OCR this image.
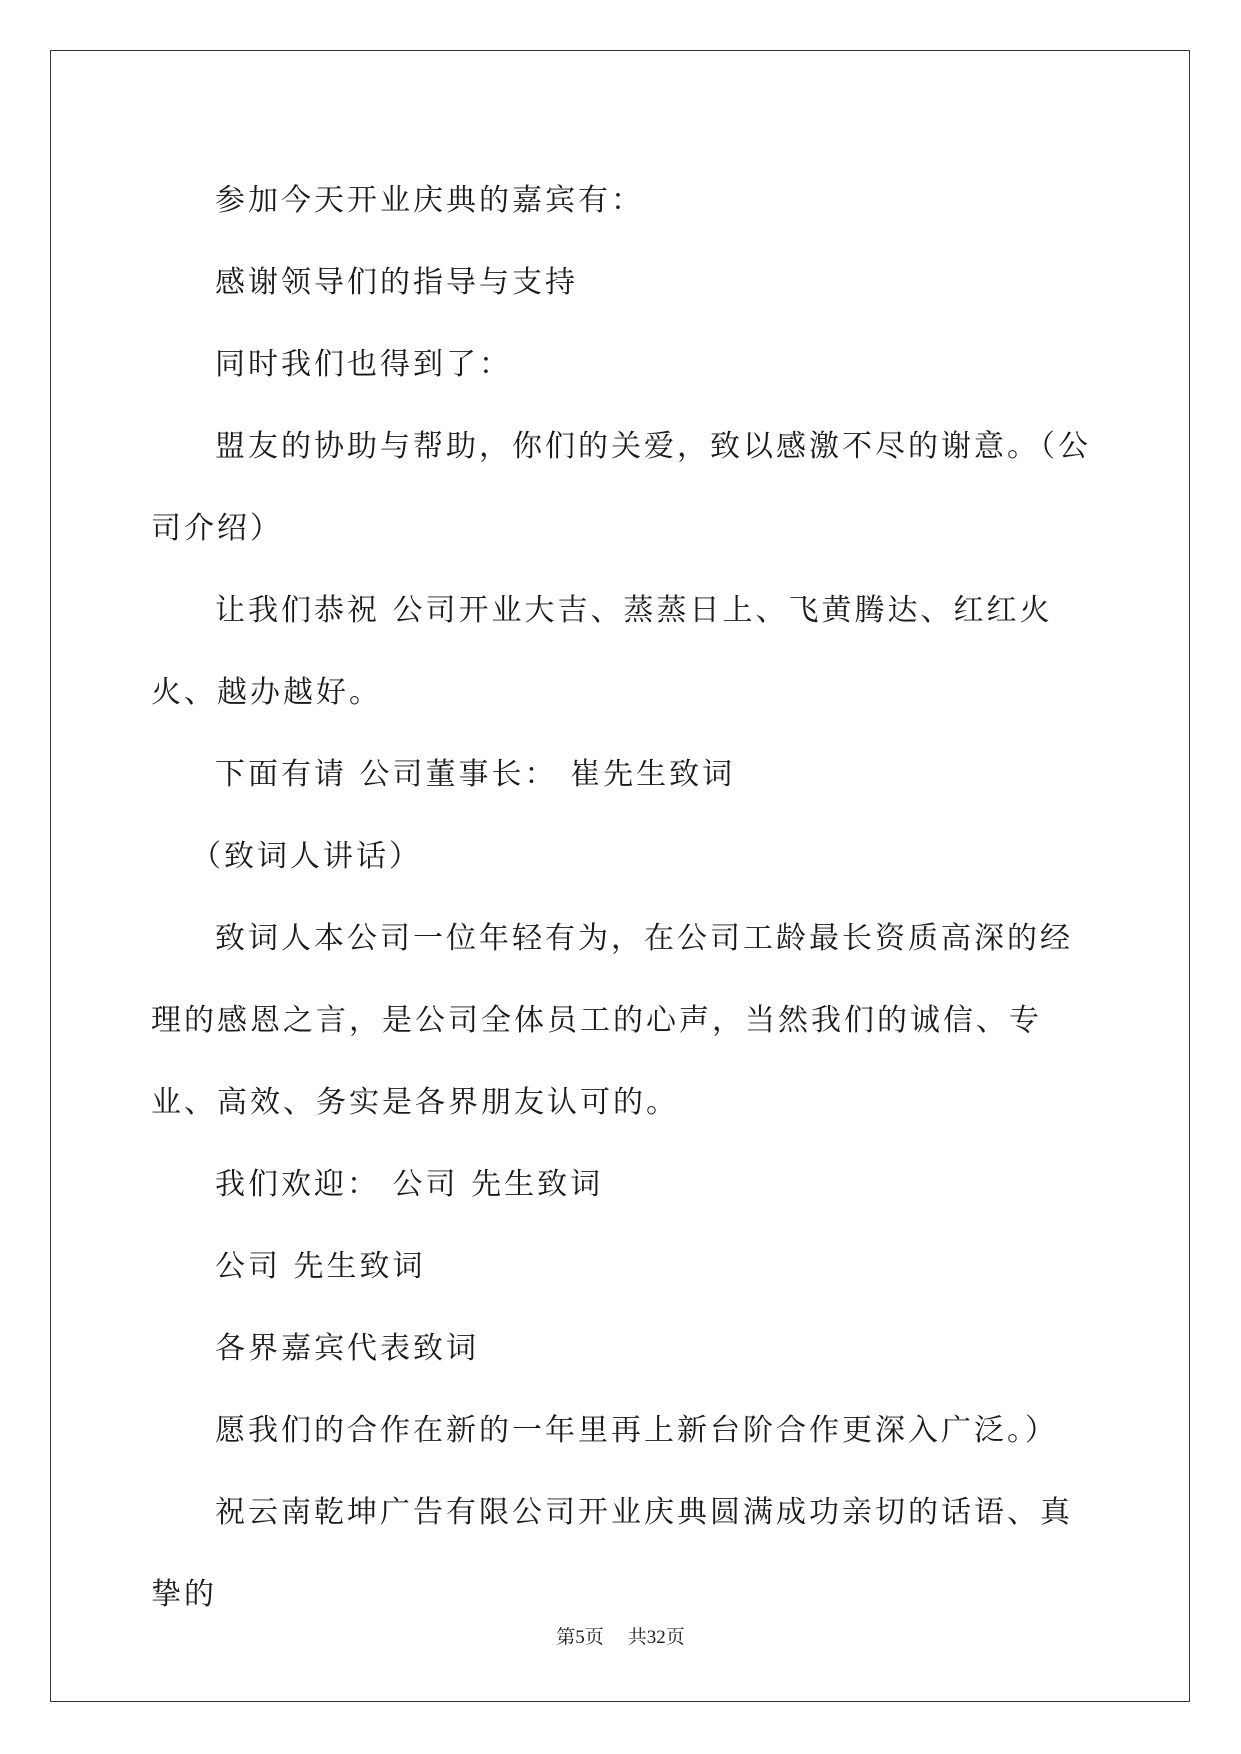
参加今天开业庆典的嘉宾有：

感谢领导们的指导与支持

同时我们也得到了：

盟友的协助与帮助，你们的关爱，致以感激不尽的谢意。（公司介绍）

让我们恭祝 公司开业大吉、蒸蒸日上、飞黄腾达、红红火火、越办越好。

下面有请 公司董事长： 崔先生致词

（致词人讲话）

致词人本公司一位年轻有为，在公司工龄最长资质高深的经理的感恩之言，是公司全体员工的心声，当然我们的诚信、专业、高效、务实是各界朋友认可的。

我们欢迎： 公司 先生致词

公司 先生致词

各界嘉宾代表致词

愿我们的合作在新的一年里再上新台阶合作更深入广泛。）

祝云南乾坤广告有限公司开业庆典圆满成功亲切的话语、真挚的

第5页 共32页
